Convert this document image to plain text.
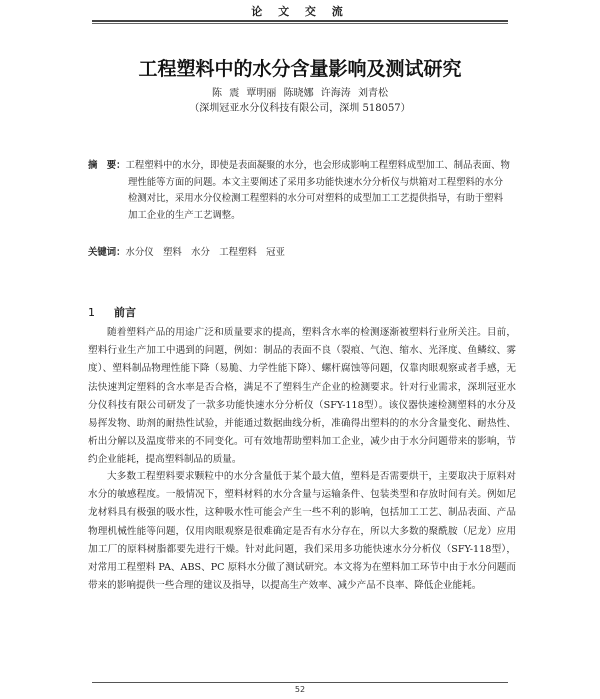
论 文 交 流
工程塑料中的水分含量影响及测试研究
陈 震 覃明丽 陈晓娜 许海涛 刘青松
（深圳冠亚水分仪科技有限公司，深圳 518057）
摘　要：工程塑料中的水分，即使是表面凝聚的水分，也会形成影响工程塑料成型加工、制品表面、物理性能等方面的问题。本文主要阐述了采用多功能快速水分分析仪与烘箱对工程塑料的水分检测对比，采用水分仪检测工程塑料的水分可对塑料的成型加工工艺提供指导，有助于塑料加工企业的生产工艺调整。
关键词：水分仪　塑料　水分　工程塑料　冠亚
1 前言

随着塑料产品的用途广泛和质量要求的提高，塑料含水率的检测逐渐被塑料行业所关注。目前，塑料行业生产加工中遇到的问题，例如：制品的表面不良（裂痕、气泡、缩水、光泽度、鱼鳞纹、雾度）、塑料制品物理性能下降（易脆、力学性能下降）、螺杆腐蚀等问题，仅靠肉眼观察或者手感，无法快速判定塑料的含水率是否合格，满足不了塑料生产企业的检测要求。针对行业需求，深圳冠亚水分仪科技有限公司研发了一款多功能快速水分分析仪（SFY-118型）。该仪器快速检测塑料的水分及易挥发物、助剂的耐热性试验，并能通过数据曲线分析，准确得出塑料的的水分含量变化、耐热性、析出分解以及温度带来的不同变化。可有效地帮助塑料加工企业，减少由于水分问题带来的影响，节约企业能耗，提高塑料制品的质量。

大多数工程塑料要求颗粒中的水分含量低于某个最大值，塑料是否需要烘干，主要取决于原料对水分的敏感程度。一般情况下，塑料材料的水分含量与运输条件、包装类型和存放时间有关。例如尼龙材料具有极强的吸水性，这种吸水性可能会产生一些不利的影响，包括加工工艺、制品表面、产品物理机械性能等问题，仅用肉眼观察是很难确定是否有水分存在，所以大多数的聚酰胺（尼龙）应用加工厂的原料树脂都要先进行干燥。针对此问题，我们采用多功能快速水分分析仪（SFY-118型），对常用工程塑料 PA、ABS、PC 原料水分做了测试研究。本文将为在塑料加工环节中由于水分问题而带来的影响提供一些合理的建议及指导，以提高生产效率、减少产品不良率、降低企业能耗。

52
